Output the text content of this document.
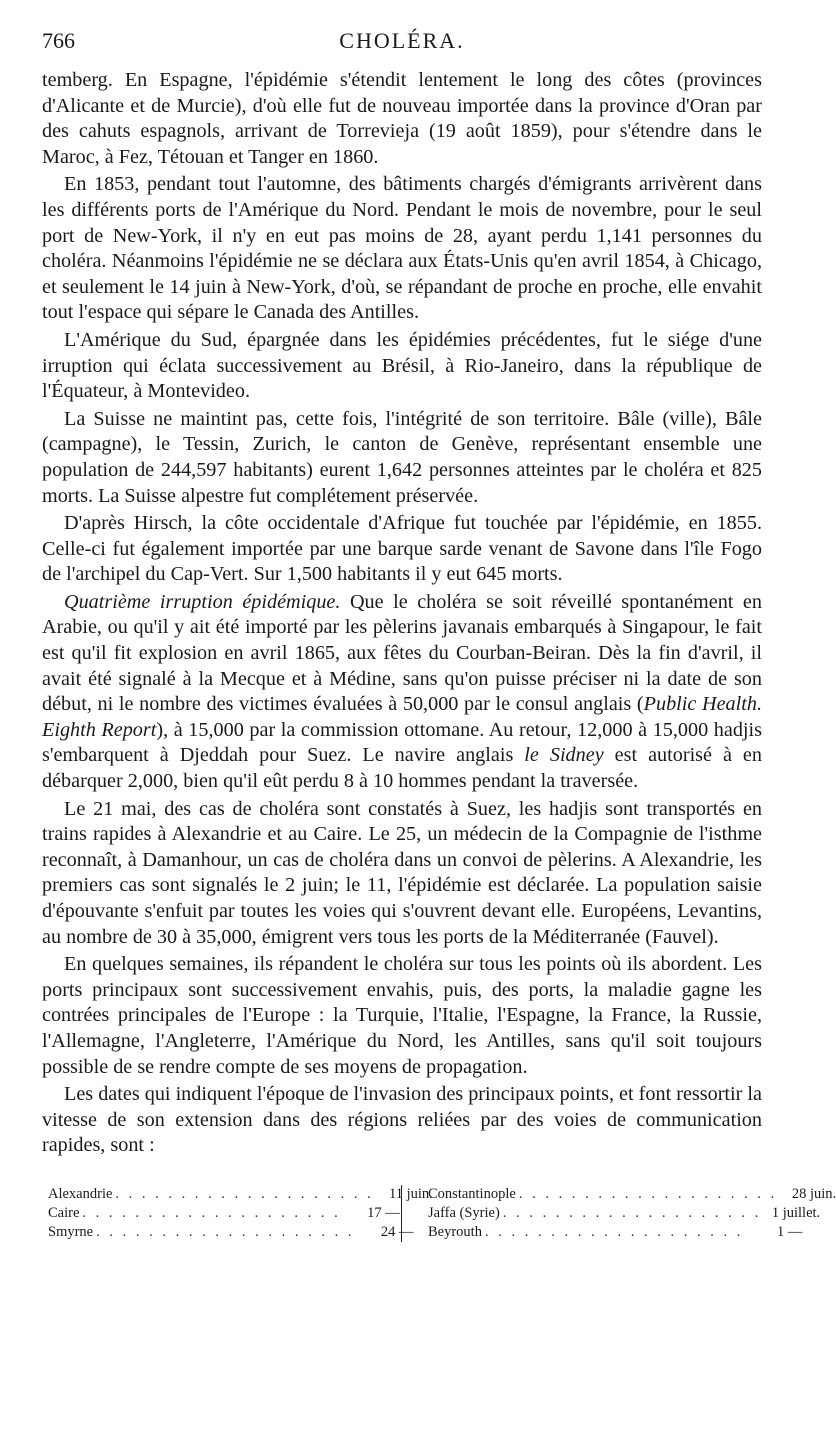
766	CHOLÉRA.

temberg. En Espagne, l'épidémie s'étendit lentement le long des côtes (provinces d'Alicante et de Murcie), d'où elle fut de nouveau importée dans la province d'Oran par des cahuts espagnols, arrivant de Torrevieja (19 août 1859), pour s'étendre dans le Maroc, à Fez, Tétouan et Tanger en 1860.

En 1853, pendant tout l'automne, des bâtiments chargés d'émigrants arrivèrent dans les différents ports de l'Amérique du Nord. Pendant le mois de novembre, pour le seul port de New-York, il n'y en eut pas moins de 28, ayant perdu 1,141 personnes du choléra. Néanmoins l'épidémie ne se déclara aux États-Unis qu'en avril 1854, à Chicago, et seulement le 14 juin à New-York, d'où, se répandant de proche en proche, elle envahit tout l'espace qui sépare le Canada des Antilles.

L'Amérique du Sud, épargnée dans les épidémies précédentes, fut le siége d'une irruption qui éclata successivement au Brésil, à Rio-Janeiro, dans la république de l'Équateur, à Montevideo.

La Suisse ne maintint pas, cette fois, l'intégrité de son territoire. Bâle (ville), Bâle (campagne), le Tessin, Zurich, le canton de Genève, représentant ensemble une population de 244,597 habitants) eurent 1,642 personnes atteintes par le choléra et 825 morts. La Suisse alpestre fut complétement préservée.

D'après Hirsch, la côte occidentale d'Afrique fut touchée par l'épidémie, en 1855. Celle-ci fut également importée par une barque sarde venant de Savone dans l'île Fogo de l'archipel du Cap-Vert. Sur 1,500 habitants il y eut 645 morts.

Quatrième irruption épidémique. Que le choléra se soit réveillé spontanément en Arabie, ou qu'il y ait été importé par les pèlerins javanais embarqués à Singapour, le fait est qu'il fit explosion en avril 1865, aux fêtes du Courban-Beiran. Dès la fin d'avril, il avait été signalé à la Mecque et à Médine, sans qu'on puisse préciser ni la date de son début, ni le nombre des victimes évaluées à 50,000 par le consul anglais (Public Health. Eighth Report), à 15,000 par la commission ottomane. Au retour, 12,000 à 15,000 hadjis s'embarquent à Djeddah pour Suez. Le navire anglais le Sidney est autorisé à en débarquer 2,000, bien qu'il eût perdu 8 à 10 hommes pendant la traversée.

Le 21 mai, des cas de choléra sont constatés à Suez, les hadjis sont transportés en trains rapides à Alexandrie et au Caire. Le 25, un médecin de la Compagnie de l'isthme reconnaît, à Damanhour, un cas de choléra dans un convoi de pèlerins. A Alexandrie, les premiers cas sont signalés le 2 juin; le 11, l'épidémie est déclarée. La population saisie d'épouvante s'enfuit par toutes les voies qui s'ouvrent devant elle. Européens, Levantins, au nombre de 30 à 35,000, émigrent vers tous les ports de la Méditerranée (Fauvel).

En quelques semaines, ils répandent le choléra sur tous les points où ils abordent. Les ports principaux sont successivement envahis, puis, des ports, la maladie gagne les contrées principales de l'Europe : la Turquie, l'Italie, l'Espagne, la France, la Russie, l'Allemagne, l'Angleterre, l'Amérique du Nord, les Antilles, sans qu'il soit toujours possible de se rendre compte de ses moyens de propagation.

Les dates qui indiquent l'époque de l'invasion des principaux points, et font ressortir la vitesse de son extension dans des régions reliées par des voies de communication rapides, sont :

Alexandrie . . . . . . . . . . . . . . . . . . . .	11 juin.
Caire . . . . . . . . . . . . . . . . . . . .	17 —
Smyrne . . . . . . . . . . . . . . . . . . . .	24 —
Constantinople . . . . . . . . . . . . . . . . . . . .	28 juin.
Jaffa (Syrie) . . . . . . . . . . . . . . . . . . . . 1 juillet.
Beyrouth . . . . . . . . . . . . . . . . . . . .	1 —
